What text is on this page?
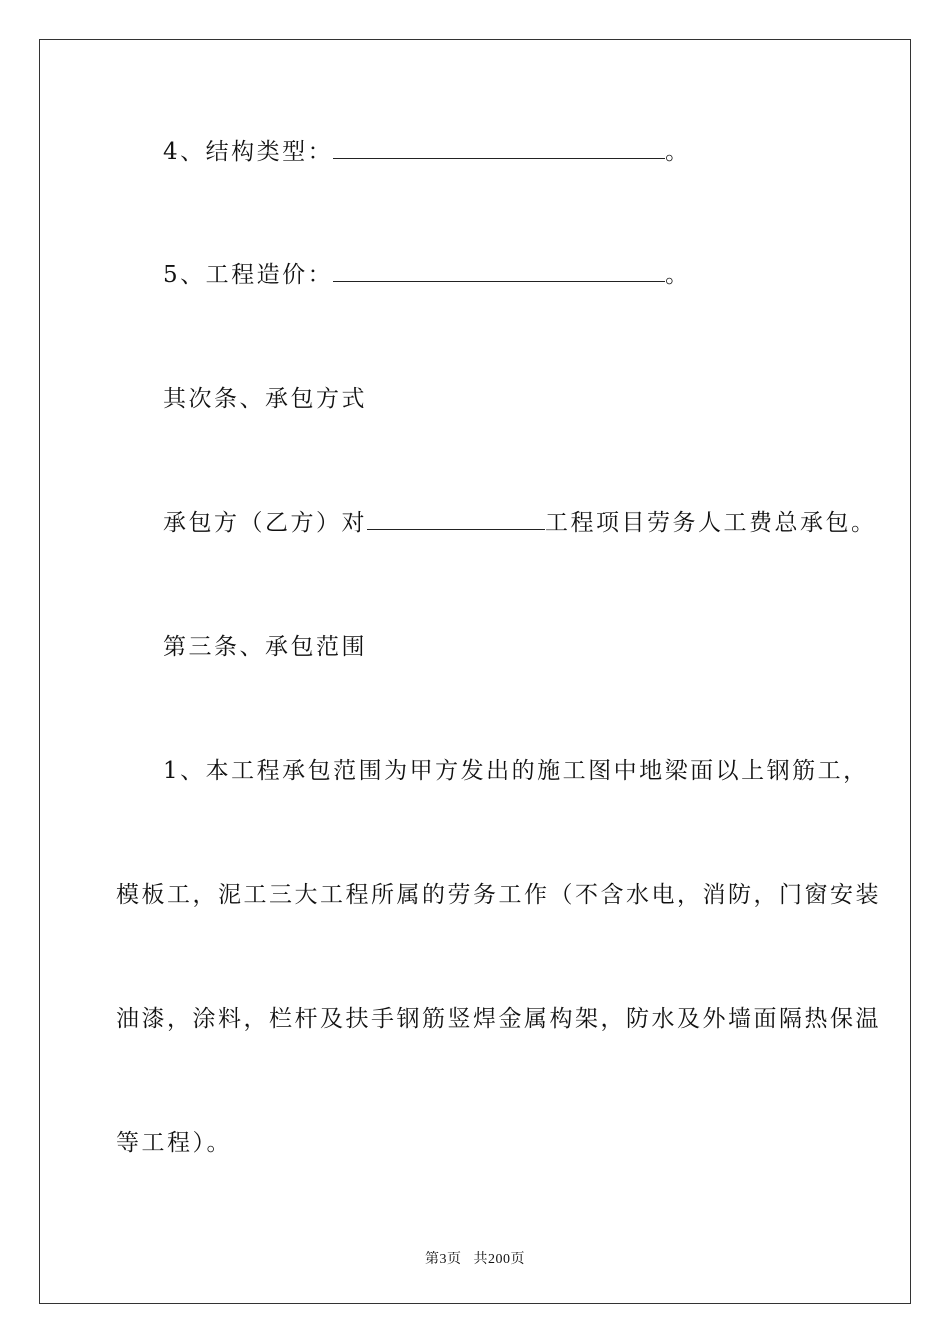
4、结构类型：	。
5、工程造价：	。
其次条、承包方式
承包方（乙方）对	工程项目劳务人工费总承包。
第三条、承包范围
1、本工程承包范围为甲方发出的施工图中地梁面以上钢筋工，
模板工，泥工三大工程所属的劳务工作（不含水电，消防，门窗安装
油漆，涂料，栏杆及扶手钢筋竖焊金属构架，防水及外墙面隔热保温
等工程）。
第3页 共200页
